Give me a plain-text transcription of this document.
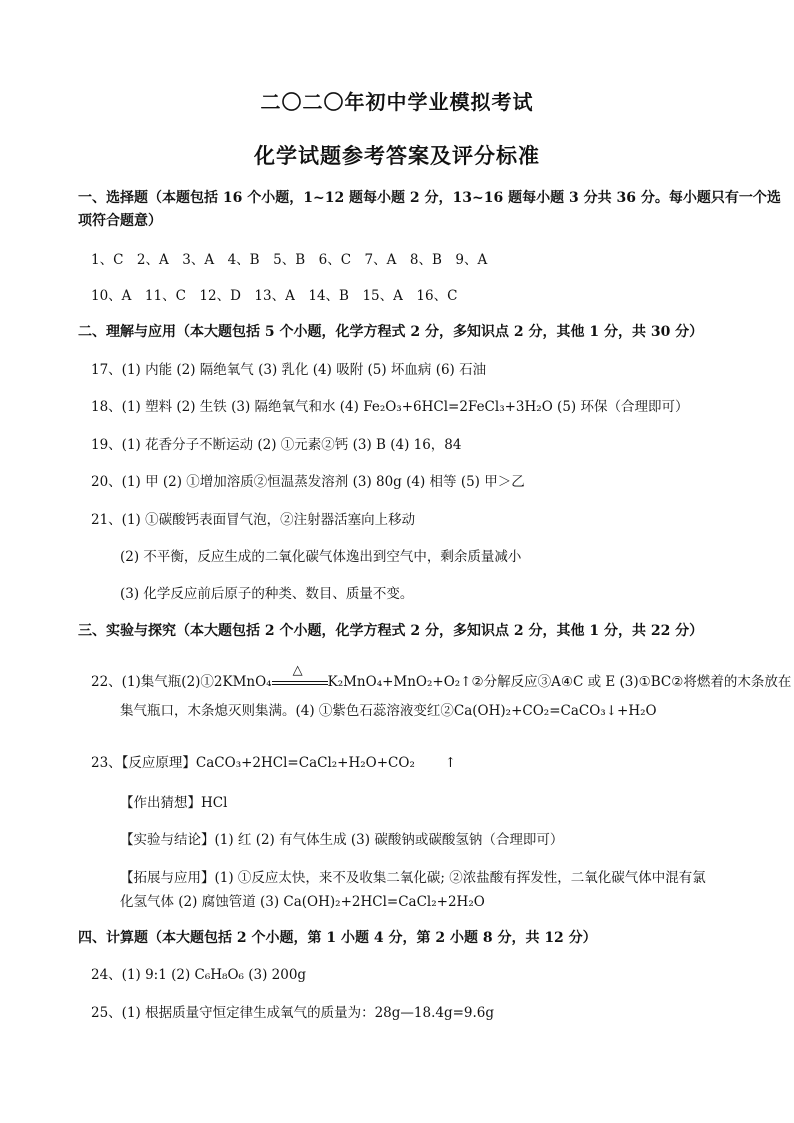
二〇二〇年初中学业模拟考试
化学试题参考答案及评分标准
一、选择题（本题包括 16 个小题，1~12 题每小题 2 分，13~16 题每小题 3 分共 36 分。每小题只有一个选
项符合题意）
1、C　2、A　3、A　4、B　5、B　6、C　7、A　8、B　9、A
10、A　11、C　12、D　13、A　14、B　15、A　16、C
二、理解与应用（本大题包括 5 个小题，化学方程式 2 分，多知识点 2 分，其他 1 分，共 30 分）
17、(1) 内能 (2) 隔绝氧气 (3) 乳化 (4) 吸附 (5) 坏血病 (6) 石油
18、(1) 塑料 (2) 生铁 (3) 隔绝氧气和水 (4) Fe₂O₃+6HCl=2FeCl₃+3H₂O (5) 环保（合理即可）
19、(1) 花香分子不断运动 (2) ①元素②钙 (3) B (4) 16，84
20、(1) 甲 (2) ①增加溶质②恒温蒸发溶剂 (3) 80g (4) 相等 (5) 甲＞乙
21、(1) ①碳酸钙表面冒气泡，②注射器活塞向上移动
(2) 不平衡，反应生成的二氧化碳气体逸出到空气中，剩余质量减小
(3) 化学反应前后原子的种类、数目、质量不变。
三、实验与探究（本大题包括 2 个小题，化学方程式 2 分，多知识点 2 分，其他 1 分，共 22 分）
22、(1)集气瓶(2)①2KMnO₄
△
K₂MnO₄+MnO₂+O₂↑②分解反应③A④C 或 E (3)①BC②将燃着的木条放在
集气瓶口，木条熄灭则集满。(4) ①紫色石蕊溶液变红②Ca(OH)₂+CO₂=CaCO₃↓+H₂O
23、【反应原理】CaCO₃+2HCl=CaCl₂+H₂O+CO₂ ↑
【作出猜想】HCl
【实验与结论】(1) 红 (2) 有气体生成 (3) 碳酸钠或碳酸氢钠（合理即可）
【拓展与应用】(1) ①反应太快，来不及收集二氧化碳; ②浓盐酸有挥发性，二氧化碳气体中混有氯
化氢气体 (2) 腐蚀管道 (3) Ca(OH)₂+2HCl=CaCl₂+2H₂O
四、计算题（本大题包括 2 个小题，第 1 小题 4 分，第 2 小题 8 分，共 12 分）
24、(1) 9:1 (2) C₆H₈O₆ (3) 200g
25、(1) 根据质量守恒定律生成氧气的质量为：28g—18.4g=9.6g
